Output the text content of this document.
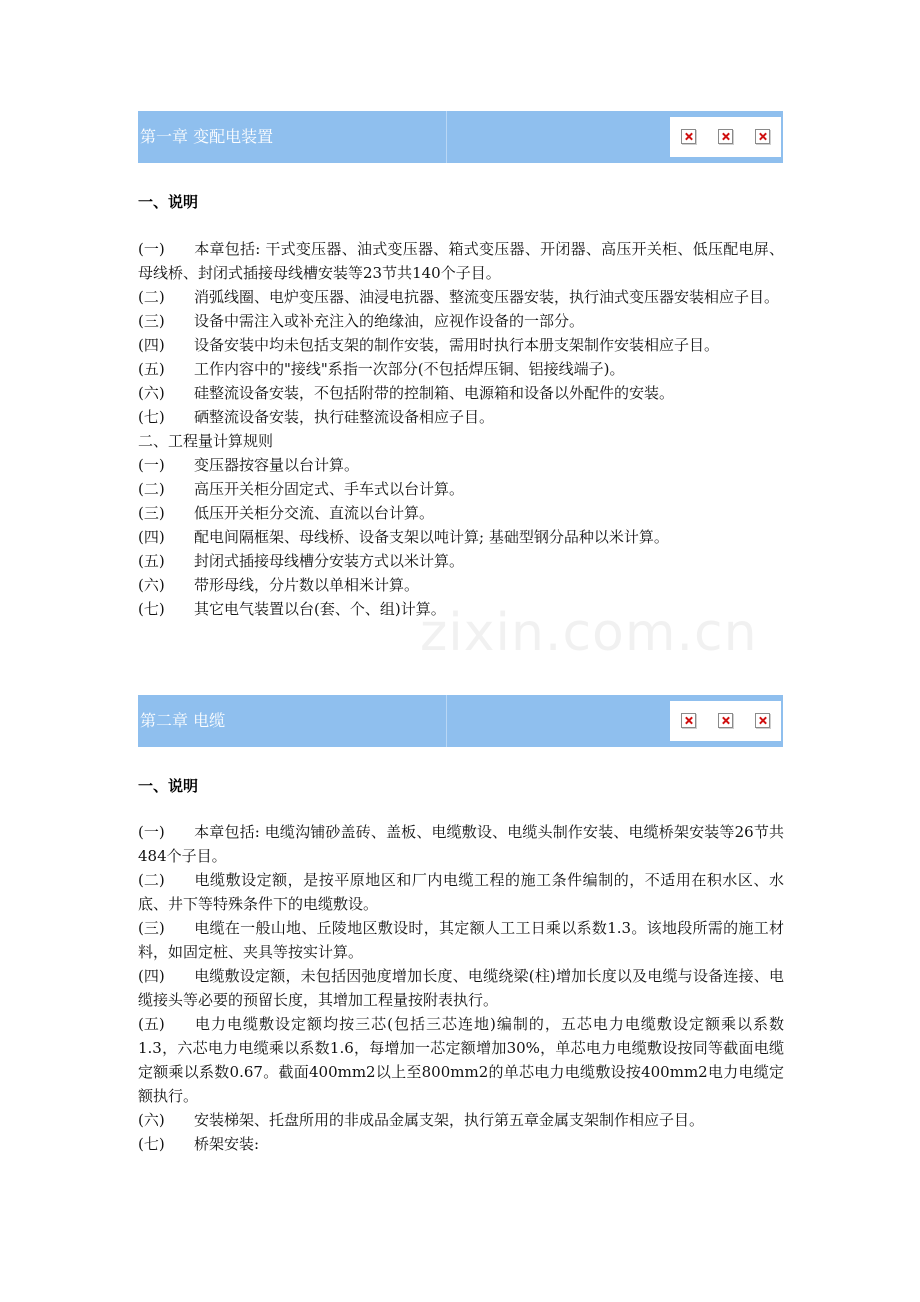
第一章 变配电装置
一、说明
(一) 本章包括: 干式变压器、油式变压器、箱式变压器、开闭器、高压开关柜、低压配电屏、母线桥、封闭式插接母线槽安装等23节共140个子目。
(二) 消弧线圈、电炉变压器、油浸电抗器、整流变压器安装，执行油式变压器安装相应子目。
(三) 设备中需注入或补充注入的绝缘油，应视作设备的一部分。
(四) 设备安装中均未包括支架的制作安装，需用时执行本册支架制作安装相应子目。
(五) 工作内容中的"接线"系指一次部分(不包括焊压铜、铝接线端子)。
(六) 硅整流设备安装，不包括附带的控制箱、电源箱和设备以外配件的安装。
(七) 硒整流设备安装，执行硅整流设备相应子目。
二、工程量计算规则
(一) 变压器按容量以台计算。
(二) 高压开关柜分固定式、手车式以台计算。
(三) 低压开关柜分交流、直流以台计算。
(四) 配电间隔框架、母线桥、设备支架以吨计算; 基础型钢分品种以米计算。
(五) 封闭式插接母线槽分安装方式以米计算。
(六) 带形母线，分片数以单相米计算。
(七) 其它电气装置以台(套、个、组)计算。
第二章 电缆
一、说明
(一) 本章包括: 电缆沟铺砂盖砖、盖板、电缆敷设、电缆头制作安装、电缆桥架安装等26节共484个子目。
(二) 电缆敷设定额，是按平原地区和厂内电缆工程的施工条件编制的，不适用在积水区、水底、井下等特殊条件下的电缆敷设。
(三) 电缆在一般山地、丘陵地区敷设时，其定额人工工日乘以系数1.3。该地段所需的施工材料，如固定桩、夹具等按实计算。
(四) 电缆敷设定额，未包括因弛度增加长度、电缆绕梁(柱)增加长度以及电缆与设备连接、电缆接头等必要的预留长度，其增加工程量按附表执行。
(五) 电力电缆敷设定额均按三芯(包括三芯连地)编制的，五芯电力电缆敷设定额乘以系数1.3，六芯电力电缆乘以系数1.6，每增加一芯定额增加30%，单芯电力电缆敷设按同等截面电缆定额乘以系数0.67。截面400mm2以上至800mm2的单芯电力电缆敷设按400mm2电力电缆定额执行。
(六) 安装梯架、托盘所用的非成品金属支架，执行第五章金属支架制作相应子目。
(七) 桥架安装:
zixin.com.cn
